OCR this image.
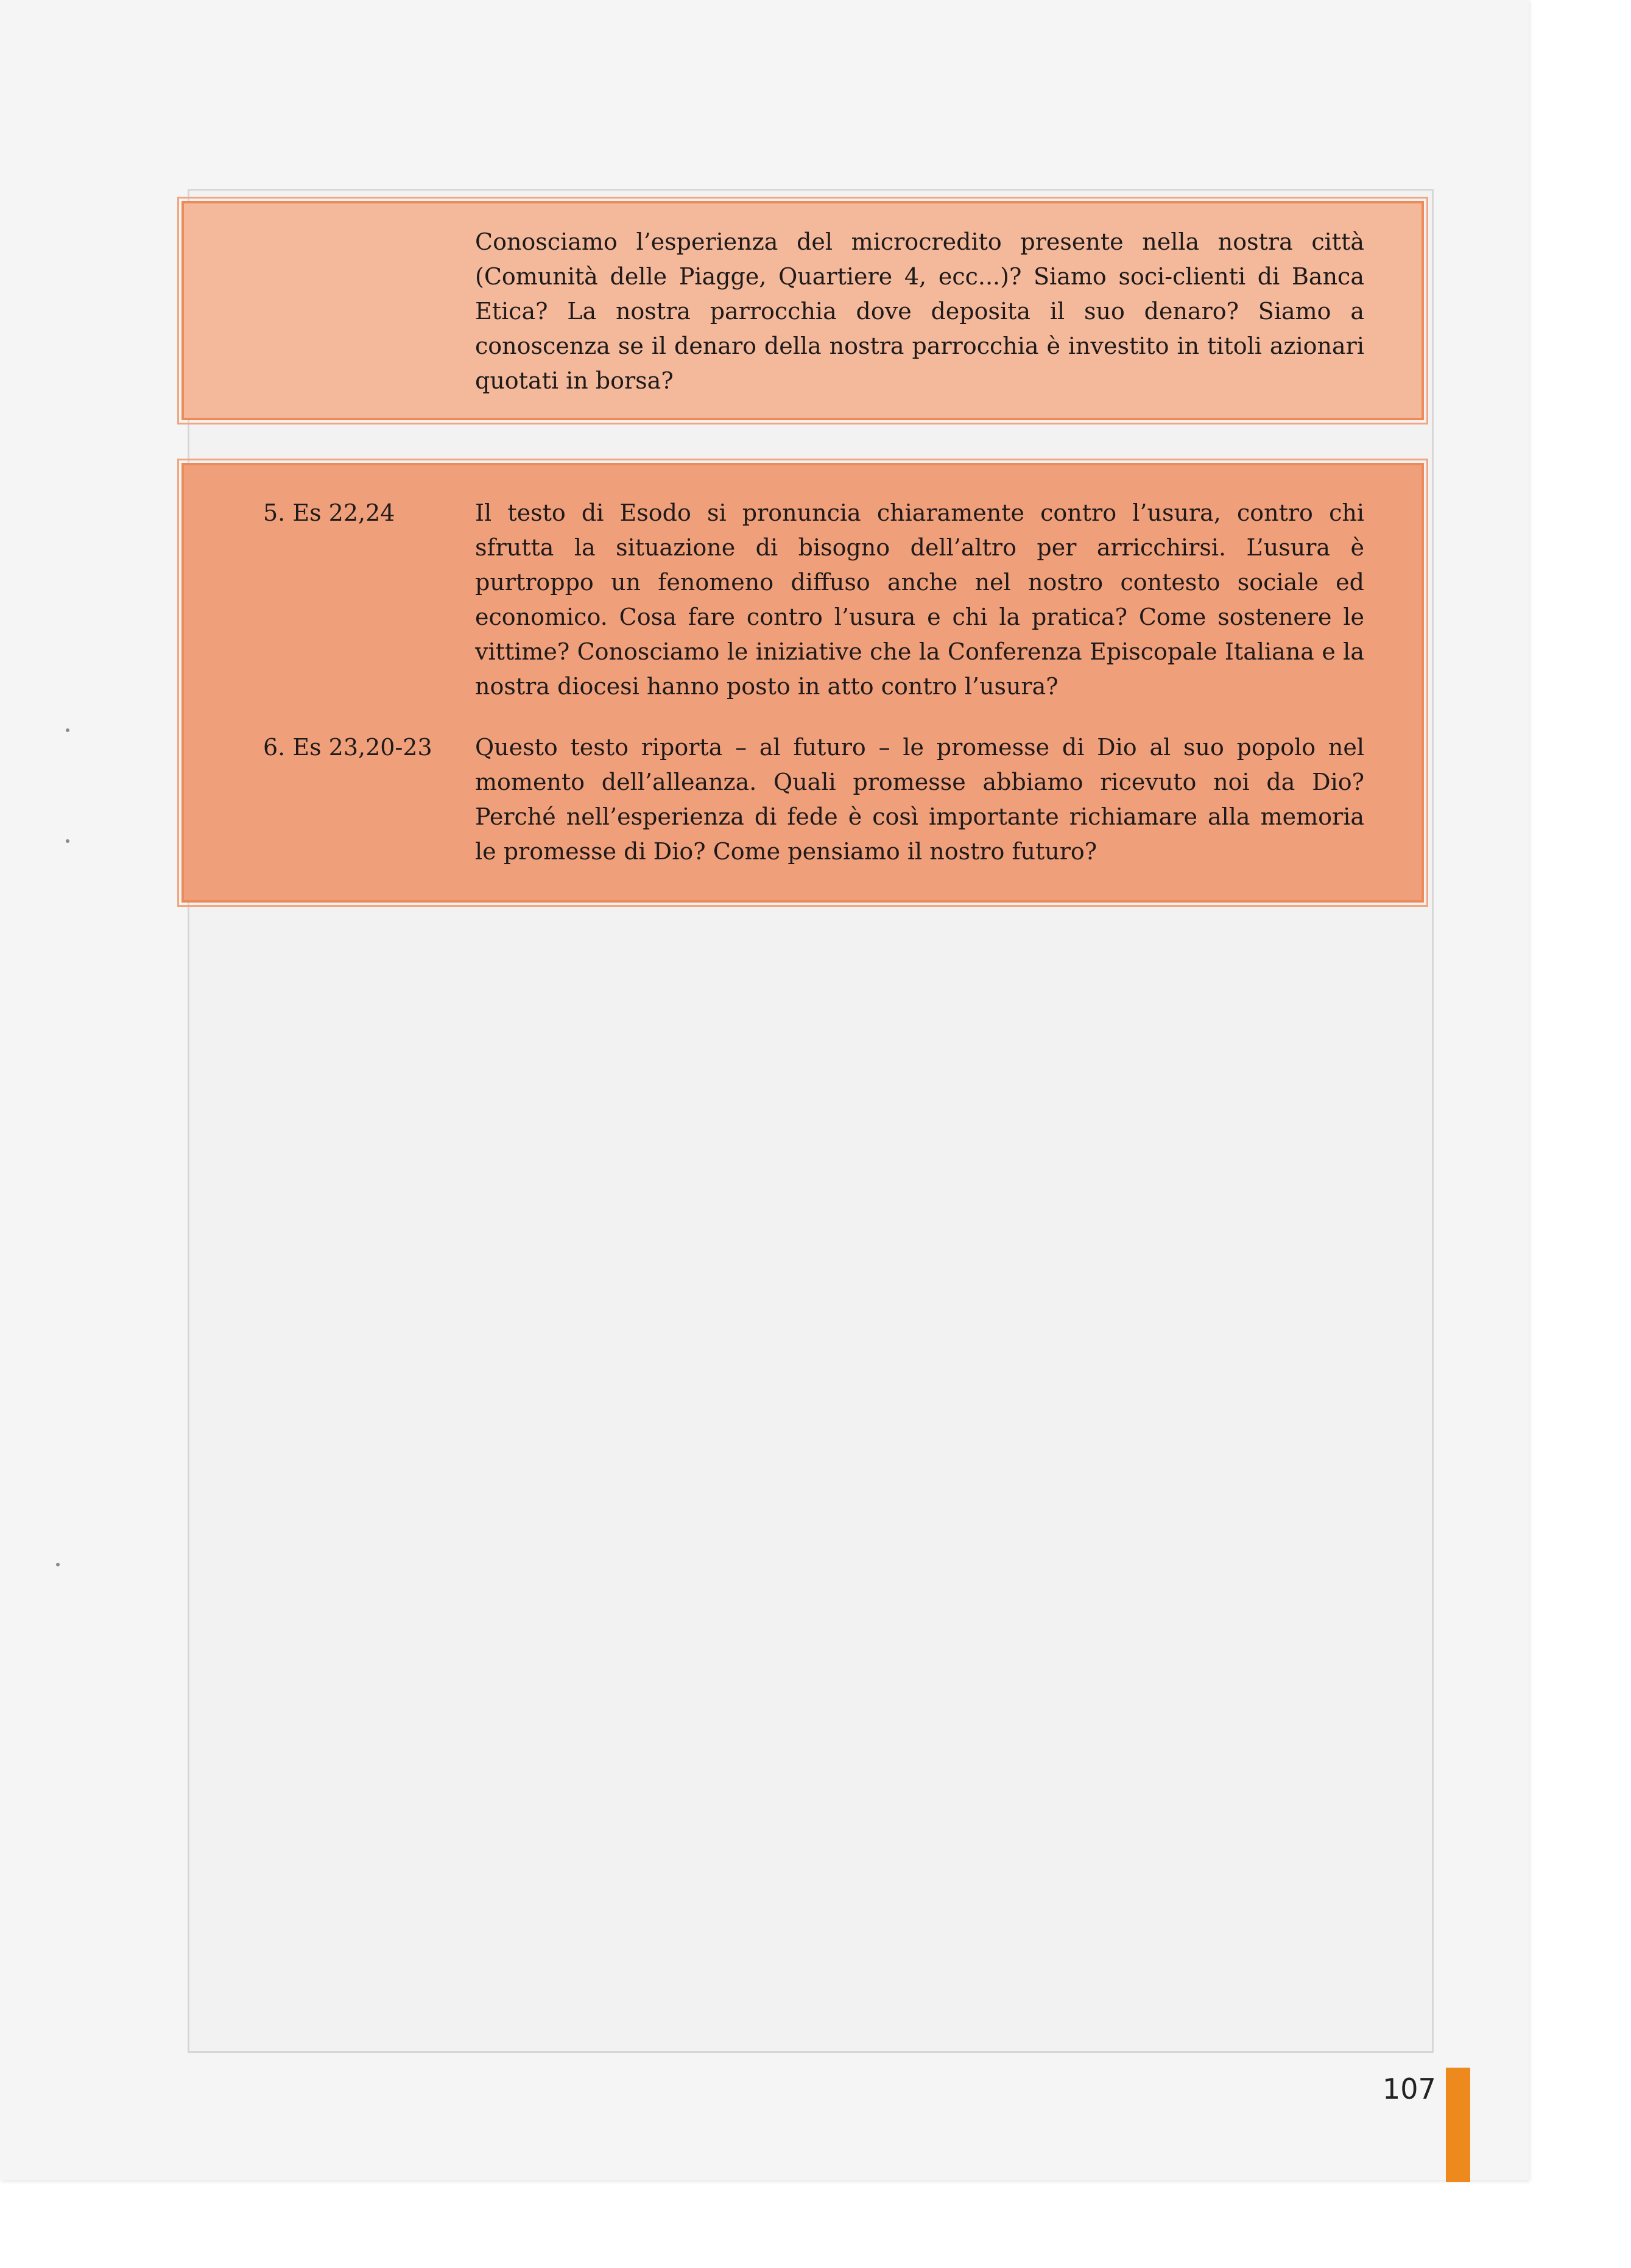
Conosciamo l’esperienza del microcredito presente nella nostra città (Comunità delle Piagge, Quartiere 4, ecc...)? Siamo soci-clienti di Banca Etica? La nostra parrocchia dove deposita il suo denaro? Siamo a conoscenza se il denaro della nostra parrocchia è investito in titoli azionari quotati in borsa?
5. Es 22,24	Il testo di Esodo si pronuncia chiaramente contro l’usura, contro chi sfrutta la situazione di bisogno dell’altro per arricchirsi. L’usura è purtroppo un fenomeno diffuso anche nel nostro contesto sociale ed economico. Cosa fare contro l’usura e chi la pratica? Come sostenere le vittime? Conosciamo le iniziative che la Conferenza Episcopale Italiana e la nostra diocesi hanno posto in atto contro l’usura?
6. Es 23,20-23 Questo testo riporta – al futuro – le promesse di Dio al suo popolo nel momento dell’alleanza. Quali promesse abbiamo ricevuto noi da Dio? Perché nell’esperienza di fede è così importante richiamare alla memoria le promesse di Dio? Come pensiamo il nostro futuro?
107
